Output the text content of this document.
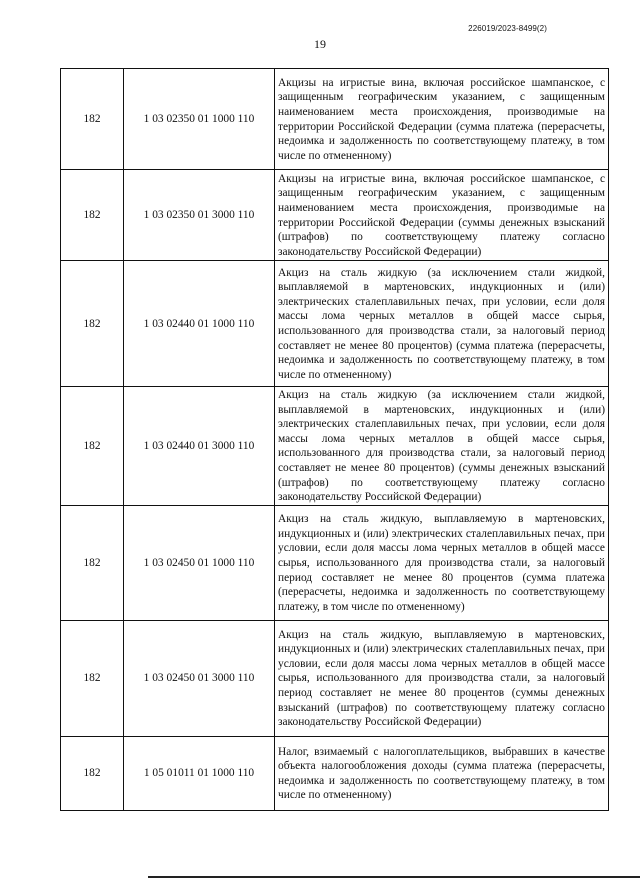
226019/2023-8499(2)
19
182	1 03 02350 01 1000 110	Акцизы на игристые вина, включая российское шампанское, с защищенным географическим указанием, с защищенным наименованием места происхождения, производимые на территории Российской Федерации (сумма платежа (перерасчеты, недоимка и задолженность по соответствующему платежу, в том числе по отмененному)
182	1 03 02350 01 3000 110	Акцизы на игристые вина, включая российское шампанское, с защищенным географическим указанием, с защищенным наименованием места происхождения, производимые на территории Российской Федерации (суммы денежных взысканий (штрафов) по соответствующему платежу согласно законодательству Российской Федерации)
182	1 03 02440 01 1000 110	Акциз на сталь жидкую (за исключением стали жидкой, выплавляемой в мартеновских, индукционных и (или) электрических сталеплавильных печах, при условии, если доля массы лома черных металлов в общей массе сырья, использованного для производства стали, за налоговый период составляет не менее 80 процентов) (сумма платежа (перерасчеты, недоимка и задолженность по соответствующему платежу, в том числе по отмененному)
182	1 03 02440 01 3000 110	Акциз на сталь жидкую (за исключением стали жидкой, выплавляемой в мартеновских, индукционных и (или) электрических сталеплавильных печах, при условии, если доля массы лома черных металлов в общей массе сырья, использованного для производства стали, за налоговый период составляет не менее 80 процентов) (суммы денежных взысканий (штрафов) по соответствующему платежу согласно законодательству Российской Федерации)
182	1 03 02450 01 1000 110	Акциз на сталь жидкую, выплавляемую в мартеновских, индукционных и (или) электрических сталеплавильных печах, при условии, если доля массы лома черных металлов в общей массе сырья, использованного для производства стали, за налоговый период составляет не менее 80 процентов (сумма платежа (перерасчеты, недоимка и задолженность по соответствующему платежу, в том числе по отмененному)
182	1 03 02450 01 3000 110	Акциз на сталь жидкую, выплавляемую в мартеновских, индукционных и (или) электрических сталеплавильных печах, при условии, если доля массы лома черных металлов в общей массе сырья, использованного для производства стали, за налоговый период составляет не менее 80 процентов (суммы денежных взысканий (штрафов) по соответствующему платежу согласно законодательству Российской Федерации)
182	1 05 01011 01 1000 110	Налог, взимаемый с налогоплательщиков, выбравших в качестве объекта налогообложения доходы (сумма платежа (перерасчеты, недоимка и задолженность по соответствующему платежу, в том числе по отмененному)
